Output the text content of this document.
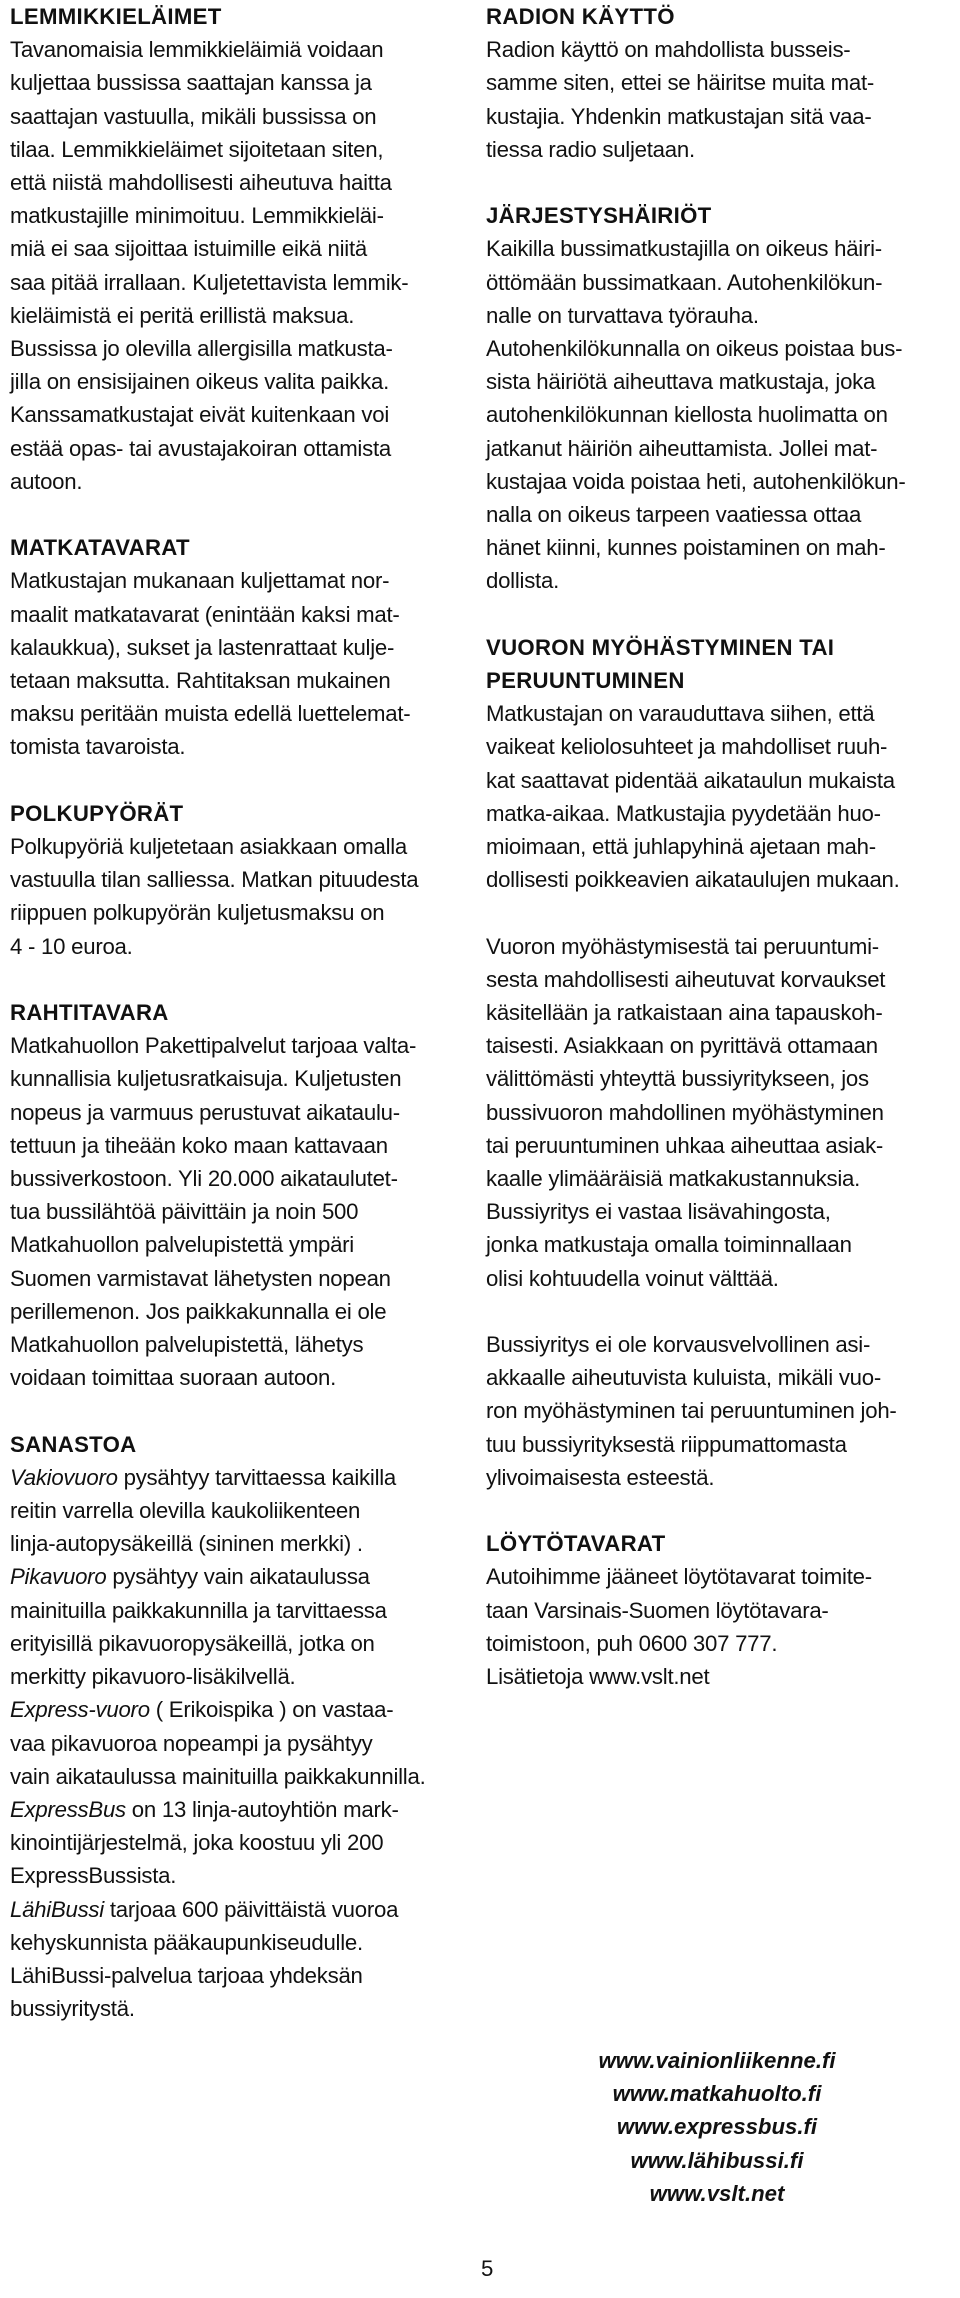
LEMMIKKIELÄIMET

Tavanomaisia lemmikkieläimiä voidaan
kuljettaa bussissa saattajan kanssa ja
saattajan vastuulla, mikäli bussissa on
tilaa. Lemmikkieläimet sijoitetaan siten,
että niistä mahdollisesti aiheutuva haitta
matkustajille minimoituu. Lemmikkieläi-
miä ei saa sijoittaa istuimille eikä niitä
saa pitää irrallaan. Kuljetettavista lemmik-
kieläimistä ei peritä erillistä maksua.
Bussissa jo olevilla allergisilla matkusta-
jilla on ensisijainen oikeus valita paikka.
Kanssamatkustajat eivät kuitenkaan voi
estää opas- tai avustajakoiran ottamista
autoon.

MATKATAVARAT

Matkustajan mukanaan kuljettamat nor-
maalit matkatavarat (enintään kaksi mat-
kalaukkua), sukset ja lastenrattaat kulje-
tetaan maksutta. Rahtitaksan mukainen
maksu peritään muista edellä luettelemat-
tomista tavaroista.

POLKUPYÖRÄT

Polkupyöriä kuljetetaan asiakkaan omalla
vastuulla tilan salliessa. Matkan pituudesta
riippuen polkupyörän kuljetusmaksu on
4 - 10 euroa.

RAHTITAVARA

Matkahuollon Pakettipalvelut tarjoaa valta-
kunnallisia kuljetusratkaisuja. Kuljetusten
nopeus ja varmuus perustuvat aikataulu-
tettuun ja tiheään koko maan kattavaan
bussiverkostoon. Yli 20.000 aikataulutet-
tua bussilähtöä päivittäin ja noin 500
Matkahuollon palvelupistettä ympäri
Suomen varmistavat lähetysten nopean
perillemenon. Jos paikkakunnalla ei ole
Matkahuollon palvelupistettä, lähetys
voidaan toimittaa suoraan autoon.

SANASTOA

Vakiovuoro pysähtyy tarvittaessa kaikilla
reitin varrella olevilla kaukoliikenteen
linja-autopysäkeillä (sininen merkki) .
Pikavuoro pysähtyy vain aikataulussa
mainituilla paikkakunnilla ja tarvittaessa
erityisillä pikavuoropysäkeillä, jotka on
merkitty pikavuoro-lisäkilvellä.
Express-vuoro ( Erikoispika ) on vastaa-
vaa pikavuoroa nopeampi ja pysähtyy
vain aikataulussa mainituilla paikkakunnilla.
ExpressBus on 13 linja-autoyhtiön mark-
kinointijärjestelmä, joka koostuu yli 200
ExpressBussista.
LähiBussi tarjoaa 600 päivittäistä vuoroa
kehyskunnista pääkaupunkiseudulle.
LähiBussi-palvelua tarjoaa yhdeksän
bussiyritystä.

RADION KÄYTTÖ

Radion käyttö on mahdollista busseis-
samme siten, ettei se häiritse muita mat-
kustajia. Yhdenkin matkustajan sitä vaa-
tiessa radio suljetaan.

JÄRJESTYSHÄIRIÖT

Kaikilla bussimatkustajilla on oikeus häiri-
öttömään bussimatkaan. Autohenkilökun-
nalle on turvattava työrauha.
Autohenkilökunnalla on oikeus poistaa bus-
sista häiriötä aiheuttava matkustaja, joka
autohenkilökunnan kiellosta huolimatta on
jatkanut häiriön aiheuttamista. Jollei mat-
kustajaa voida poistaa heti, autohenkilökun-
nalla on oikeus tarpeen vaatiessa ottaa
hänet kiinni, kunnes poistaminen on mah-
dollista.

VUORON MYÖHÄSTYMINEN TAI
PERUUNTUMINEN

Matkustajan on varauduttava siihen, että
vaikeat keliolosuhteet ja mahdolliset ruuh-
kat saattavat pidentää aikataulun mukaista
matka-aikaa. Matkustajia pyydetään huo-
mioimaan, että juhlapyhinä ajetaan mah-
dollisesti poikkeavien aikataulujen mukaan.

Vuoron myöhästymisestä tai peruuntumi-
sesta mahdollisesti aiheutuvat korvaukset
käsitellään ja ratkaistaan aina tapauskoh-
taisesti. Asiakkaan on pyrittävä ottamaan
välittömästi yhteyttä bussiyritykseen, jos
bussivuoron mahdollinen myöhästyminen
tai peruuntuminen uhkaa aiheuttaa asiak-
kaalle ylimääräisiä matkakustannuksia.
Bussiyritys ei vastaa lisävahingosta,
jonka matkustaja omalla toiminnallaan
olisi kohtuudella voinut välttää.

Bussiyritys ei ole korvausvelvollinen asi-
akkaalle aiheutuvista kuluista, mikäli vuo-
ron myöhästyminen tai peruuntuminen joh-
tuu bussiyrityksestä riippumattomasta
ylivoimaisesta esteestä.

LÖYTÖTAVARAT

Autoihimme jääneet löytötavarat toimite-
taan Varsinais-Suomen löytötavara-
toimistoon, puh 0600 307 777.
Lisätietoja www.vslt.net

www.vainionliikenne.fi
www.matkahuolto.fi
www.expressbus.fi
www.lähibussi.fi
www.vslt.net
5
